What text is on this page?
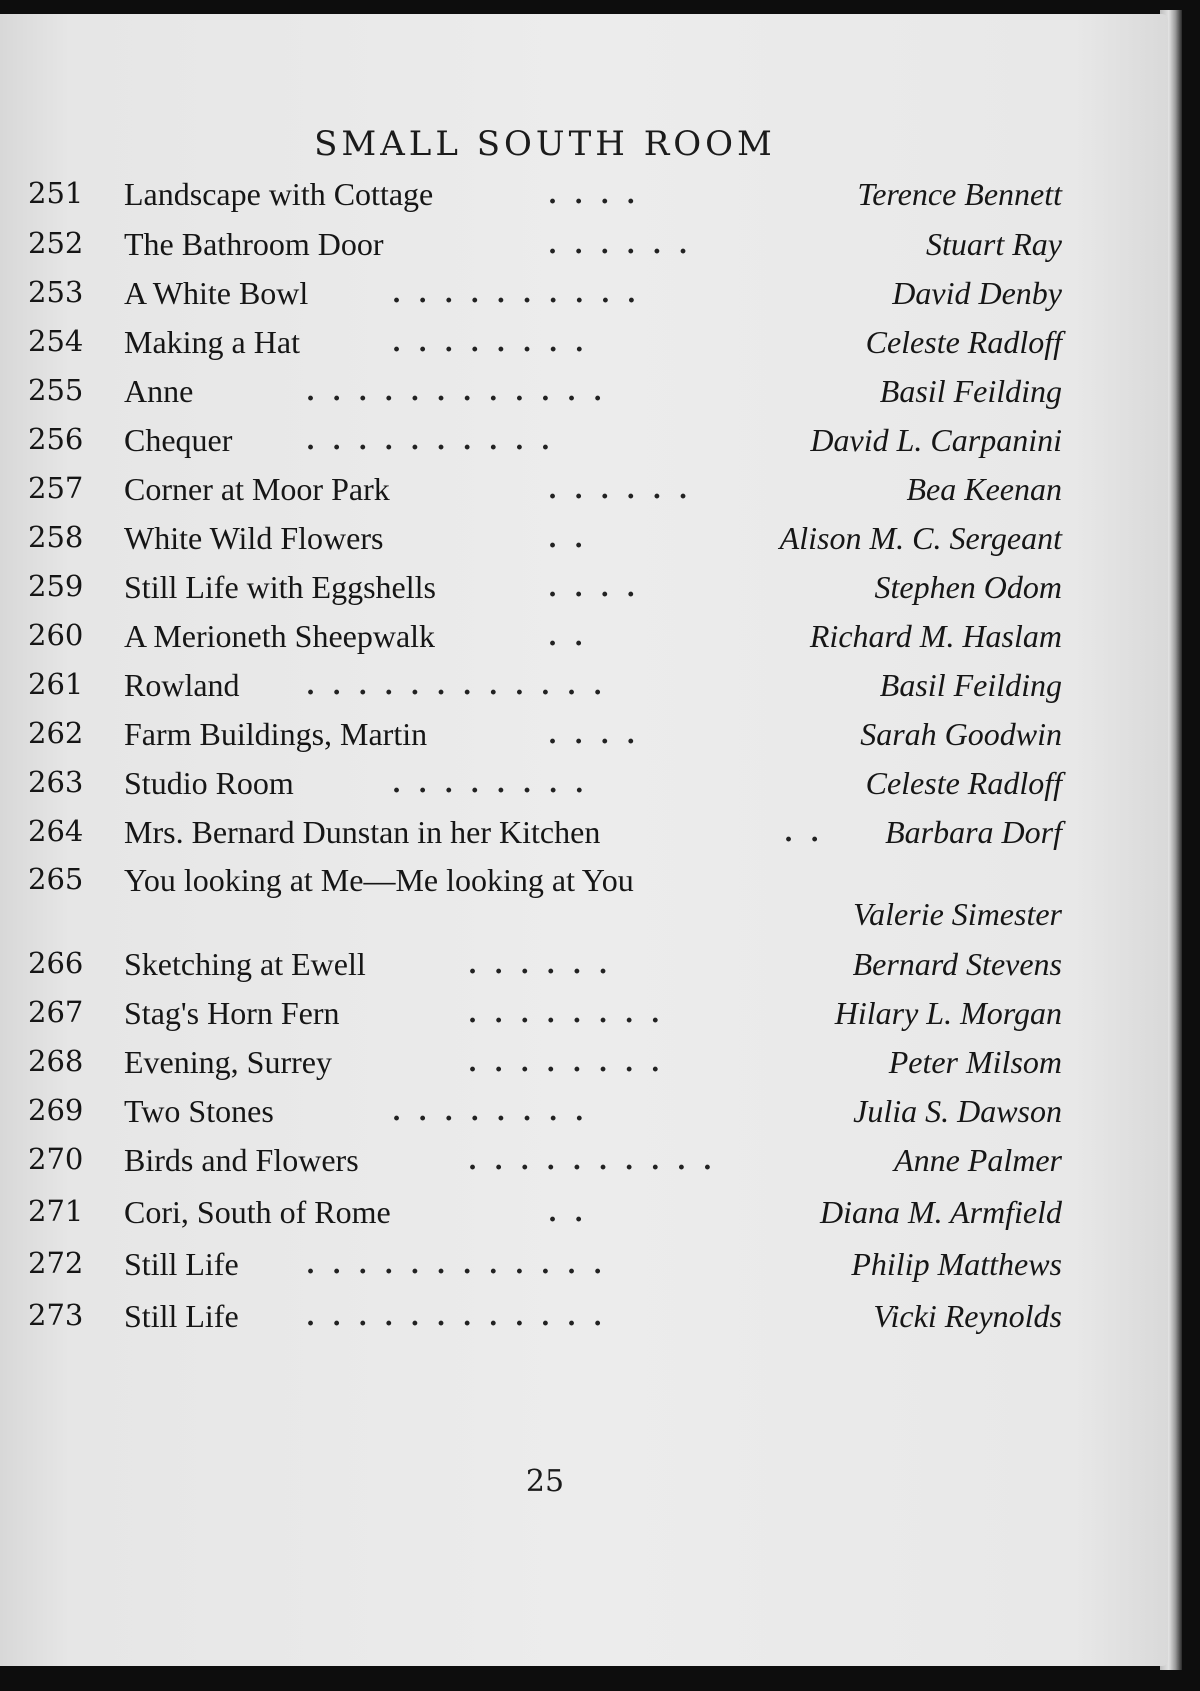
SMALL SOUTH ROOM
251 Landscape with Cottage	. . . .	Terence Bennett
252 The Bathroom Door	. . . . . .	Stuart Ray
253 A White Bowl	. . . . . . . . . .	David Denby
254 Making a Hat	. . . . . . . .	Celeste Radloff
255 Anne	. . . . . . . . . . . .	Basil Feilding
256 Chequer	. . . . . . . . . .	David L. Carpanini
257 Corner at Moor Park	. . . . . .	Bea Keenan
258 White Wild Flowers	. .	Alison M. C. Sergeant
259 Still Life with Eggshells	. . . .	Stephen Odom
260 A Merioneth Sheepwalk	. .	Richard M. Haslam
261 Rowland	. . . . . . . . . . . .	Basil Feilding
262 Farm Buildings, Martin	. . . .	Sarah Goodwin
263 Studio Room	. . . . . . . .	Celeste Radloff
264 Mrs. Bernard Dunstan in her Kitchen	. . Barbara Dorf
265 You looking at Me—Me looking at You
Valerie Simester
266 Sketching at Ewell	. . . . . .	Bernard Stevens
267 Stag's Horn Fern	. . . . . . . .	Hilary L. Morgan
268 Evening, Surrey	. . . . . . . .	Peter Milsom
269 Two Stones	. . . . . . . .	Julia S. Dawson
270 Birds and Flowers	. . . . . . . . . .	Anne Palmer
271 Cori, South of Rome	. .	Diana M. Armfield
272 Still Life	. . . . . . . . . . . .	Philip Matthews
273 Still Life	. . . . . . . . . . . .	Vicki Reynolds
25
